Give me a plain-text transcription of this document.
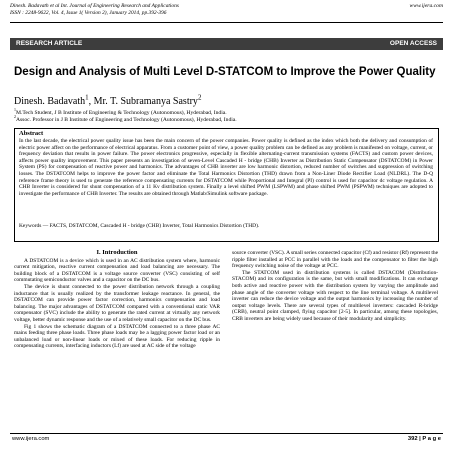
Dinesh. Badavath et al Int. Journal of Engineering Research and Applications
ISSN : 2248-9622, Vol. 4, Issue 1( Version 2), January 2014, pp.392-396
www.ijera.com
RESEARCH ARTICLE	OPEN ACCESS
Design and Analysis of Multi Level D-STATCOM to Improve the Power Quality
Dinesh. Badavath$^1$, Mr. T. Subramanya Sastry$^2$
$^1$M.Tech Student, J B Institute of Engineering & Technology (Autonomous), Hyderabad, India.
$^2$Assoc. Professor in J B Institute of Engineering and Technology (Autonomous), Hyderabad, India.
Abstract
In the last decade, the electrical power quality issue has been the main concern of the power companies. Power quality is defined as the index which both the delivery and consumption of electric power affect on the performance of electrical apparatus. From a customer point of view, a power quality problem can be defined as any problem is manifested on voltage, current, or frequency deviation that results in power failure. The power electronics progressive, especially in flexible alternating-current transmission systems (FACTS) and custom power devices, affects power quality improvement. This paper presents an investigation of seven-Level Cascaded H - bridge (CHB) Inverter as Distribution Static Compensator (DSTATCOM) in Power System (PS) for compensation of reactive power and harmonics. The advantages of CHB inverter are low harmonic distortion, reduced number of switches and suppression of switching losses. The DSTATCOM helps to improve the power factor and eliminate the Total Harmonics Distortion (THD) drawn from a Non-Liner Diode Rectifier Load (NLDRL). The D-Q reference frame theory is used to generate the reference compensating currents for DSTATCOM while Proportional and Integral (PI) control is used for capacitor dc voltage regulation. A CHB Inverter is considered for shunt compensation of a 11 Kv distribution system. Finally a level shifted PWM (LSPWM) and phase shifted PWM (PSPWM) techniques are adopted to investigate the performance of CHB Inverter. The results are obtained through Matlab/Simulink software package.
Keywords — FACTS, DSTATCOM, Cascaded H - bridge (CHB) Inverter, Total Harmonics Distortion (THD).
I. Introduction

A DSTATCOM is a device which is used in an AC distribution system where, harmonic current mitigation, reactive current compensation and load balancing are necessary. The building block of a DSTATCOM is a voltage source converter (VSC) consisting of self commutating semiconductor valves and a capacitor on the DC bus.

The device is shunt connected to the power distribution network through a coupling inductance that is usually realized by the transformer leakage reactance. In general, the DSTATCOM can provide power factor correction, harmonics compensation and load balancing. The major advantages of DSTATCOM compared with a conventional static VAR compensator (SVC) include the ability to generate the rated current at virtually any network voltage, better dynamic response and the use of a relatively small capacitor on the DC bus.

Fig 1 shows the schematic diagram of a DSTATCOM connected to a three phase AC mains feeding three phase loads. Three phase loads may be a lagging power factor load or an unbalanced load or non-linear loads or mixed of these loads. For reducing ripple in compensating currents, interfacing inductors (Lf) are used at AC side of the voltage

source converter (VSC). A small series connected capacitor (Cf) and resistor (Rf) represent the ripple filter installed at PCC in parallel with the loads and the compensator to filter the high frequency switching noise of the voltage at PCC.

The STATCOM used in distribution systems is called DSTACOM (Distribution-STACOM) and its configuration is the same, but with small modifications. It can exchange both active and reactive power with the distribution system by varying the amplitude and phase angle of the converter voltage with respect to the line terminal voltage. A multilevel inverter can reduce the device voltage and the output harmonics by increasing the number of output voltage levels. There are several types of multilevel inverters: cascaded R-bridge (CRB), neutral point clamped, flying capacitor [2-5]. In particular, among these topologies, CRB inverters are being widely used because of their modularity and simplicity.

www.ijera.com	392 | P a g e
